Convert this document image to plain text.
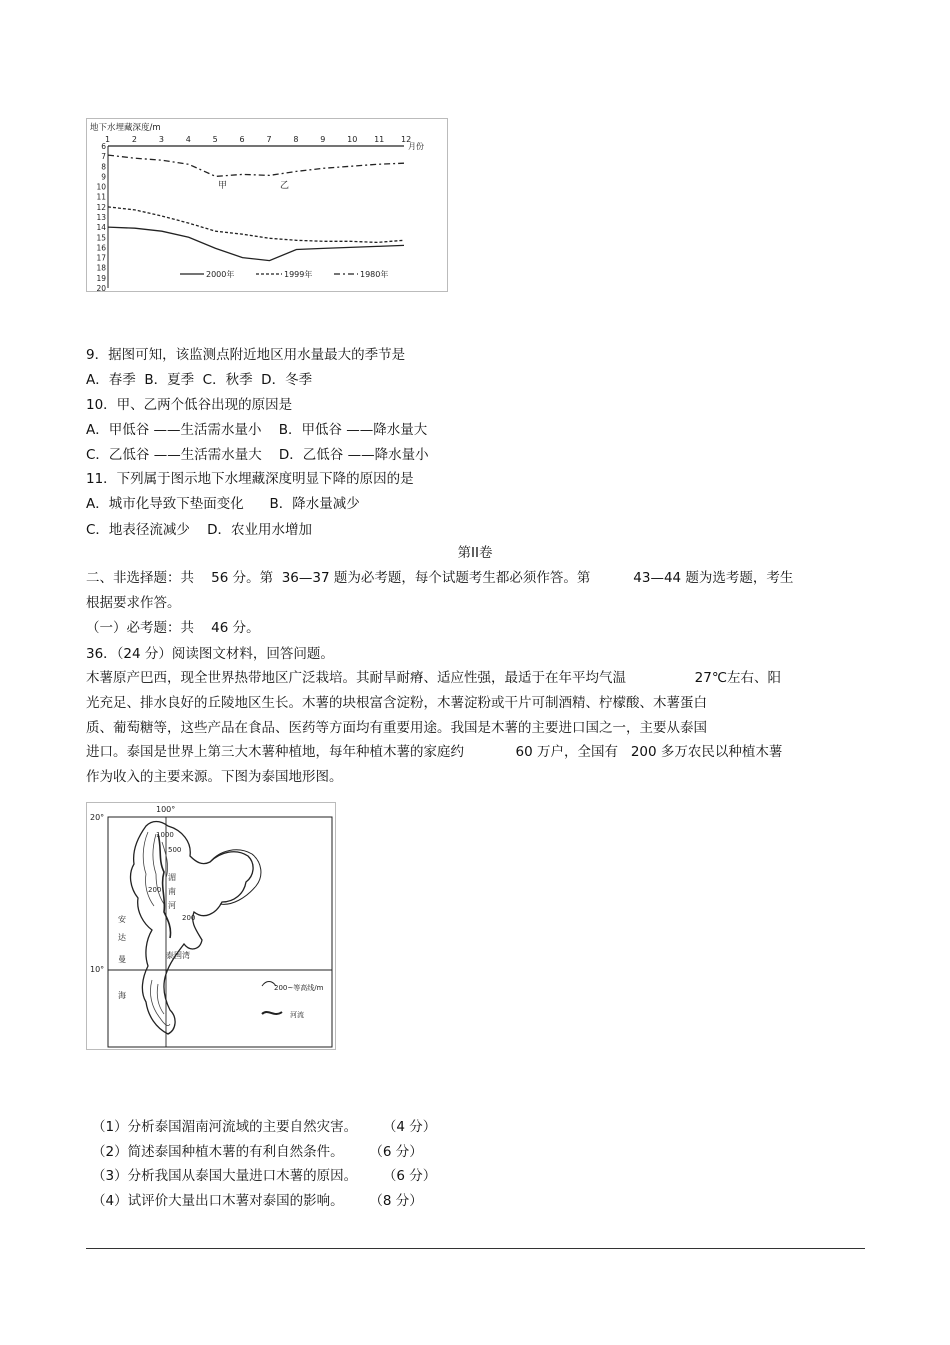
地下水埋藏深度/m
1	2	3	4	5	6	7	8	9	10 11 12
6
7
8
9
10
11
12
13
14
15
16
17
18
19
20
月份
甲	乙
2000年	1999年	1980年
9．据图可知，该监测点附近地区用水量最大的季节是
A．春季  B．夏季  C．秋季  D．冬季
10．甲、乙两个低谷出现的原因是
A．甲低谷 ——生活需水量小    B．甲低谷 ——降水量大
C．乙低谷 ——生活需水量大    D．乙低谷 ——降水量小
11．下列属于图示地下水埋藏深度明显下降的原因的是
A．城市化导致下垫面变化      B．降水量减少
C．地表径流减少    D．农业用水增加
第II卷
二、非选择题：共    56 分。第  36—37 题为必考题，每个试题考生都必须作答。第          43—44 题为选考题，考生
根据要求作答。
（一）必考题：共    46 分。
36．（24 分）阅读图文材料，回答问题。
木薯原产巴西，现全世界热带地区广泛栽培。其耐旱耐瘠、适应性强，最适于在年平均气温                27℃左右、阳
光充足、排水良好的丘陵地区生长。木薯的块根富含淀粉，木薯淀粉或干片可制酒精、柠檬酸、木薯蛋白
质、葡萄糖等，这些产品在食品、医药等方面均有重要用途。我国是木薯的主要进口国之一，主要从泰国
进口。泰国是世界上第三大木薯种植地，每年种植木薯的家庭约            60 万户，全国有   200 多万农民以种植木薯
作为收入的主要来源。下图为泰国地形图。
20°
10°
100°
1000
500
200
200
湄
南
河
泰国湾
安
达
曼
海
200~等高线/m
河流
（1）分析泰国湄南河流域的主要自然灾害。      （4 分）
（2）简述泰国种植木薯的有利自然条件。      （6 分）
（3）分析我国从泰国大量进口木薯的原因。      （6 分）
（4）试评价大量出口木薯对泰国的影响。      （8 分）
